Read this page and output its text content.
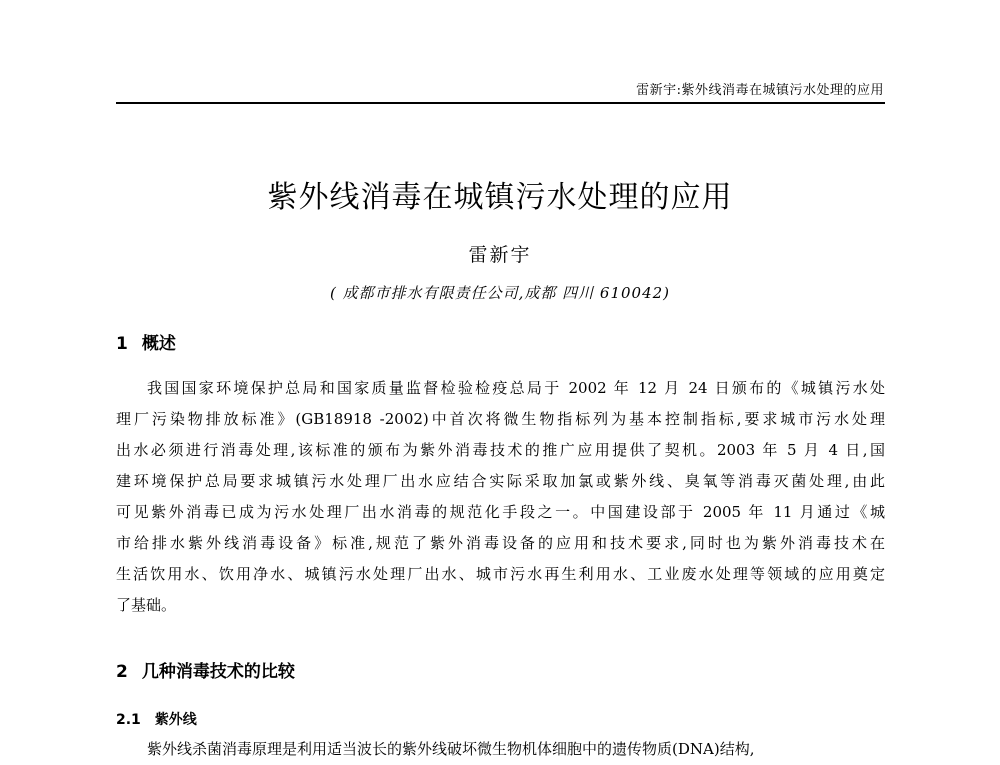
雷新宇:紫外线消毒在城镇污水处理的应用
紫外线消毒在城镇污水处理的应用
雷新宇
( 成都市排水有限责任公司,成都 四川 610042)
1 概述
我国国家环境保护总局和国家质量监督检验检疫总局于 2002 年 12 月 24 日颁布的《城镇污水处
理厂污染物排放标准》(GB18918 -2002)中首次将微生物指标列为基本控制指标,要求城市污水处理
出水必须进行消毒处理,该标准的颁布为紫外消毒技术的推广应用提供了契机。2003 年 5 月 4 日,国
建环境保护总局要求城镇污水处理厂出水应结合实际采取加氯或紫外线、臭氧等消毒灭菌处理,由此
可见紫外消毒已成为污水处理厂出水消毒的规范化手段之一。中国建设部于 2005 年 11 月通过《城
市给排水紫外线消毒设备》标准,规范了紫外消毒设备的应用和技术要求,同时也为紫外消毒技术在
生活饮用水、饮用净水、城镇污水处理厂出水、城市污水再生利用水、工业废水处理等领域的应用奠定
了基础。
2 几种消毒技术的比较
2.1 紫外线
紫外线杀菌消毒原理是利用适当波长的紫外线破坏微生物机体细胞中的遗传物质(DNA)结构,
